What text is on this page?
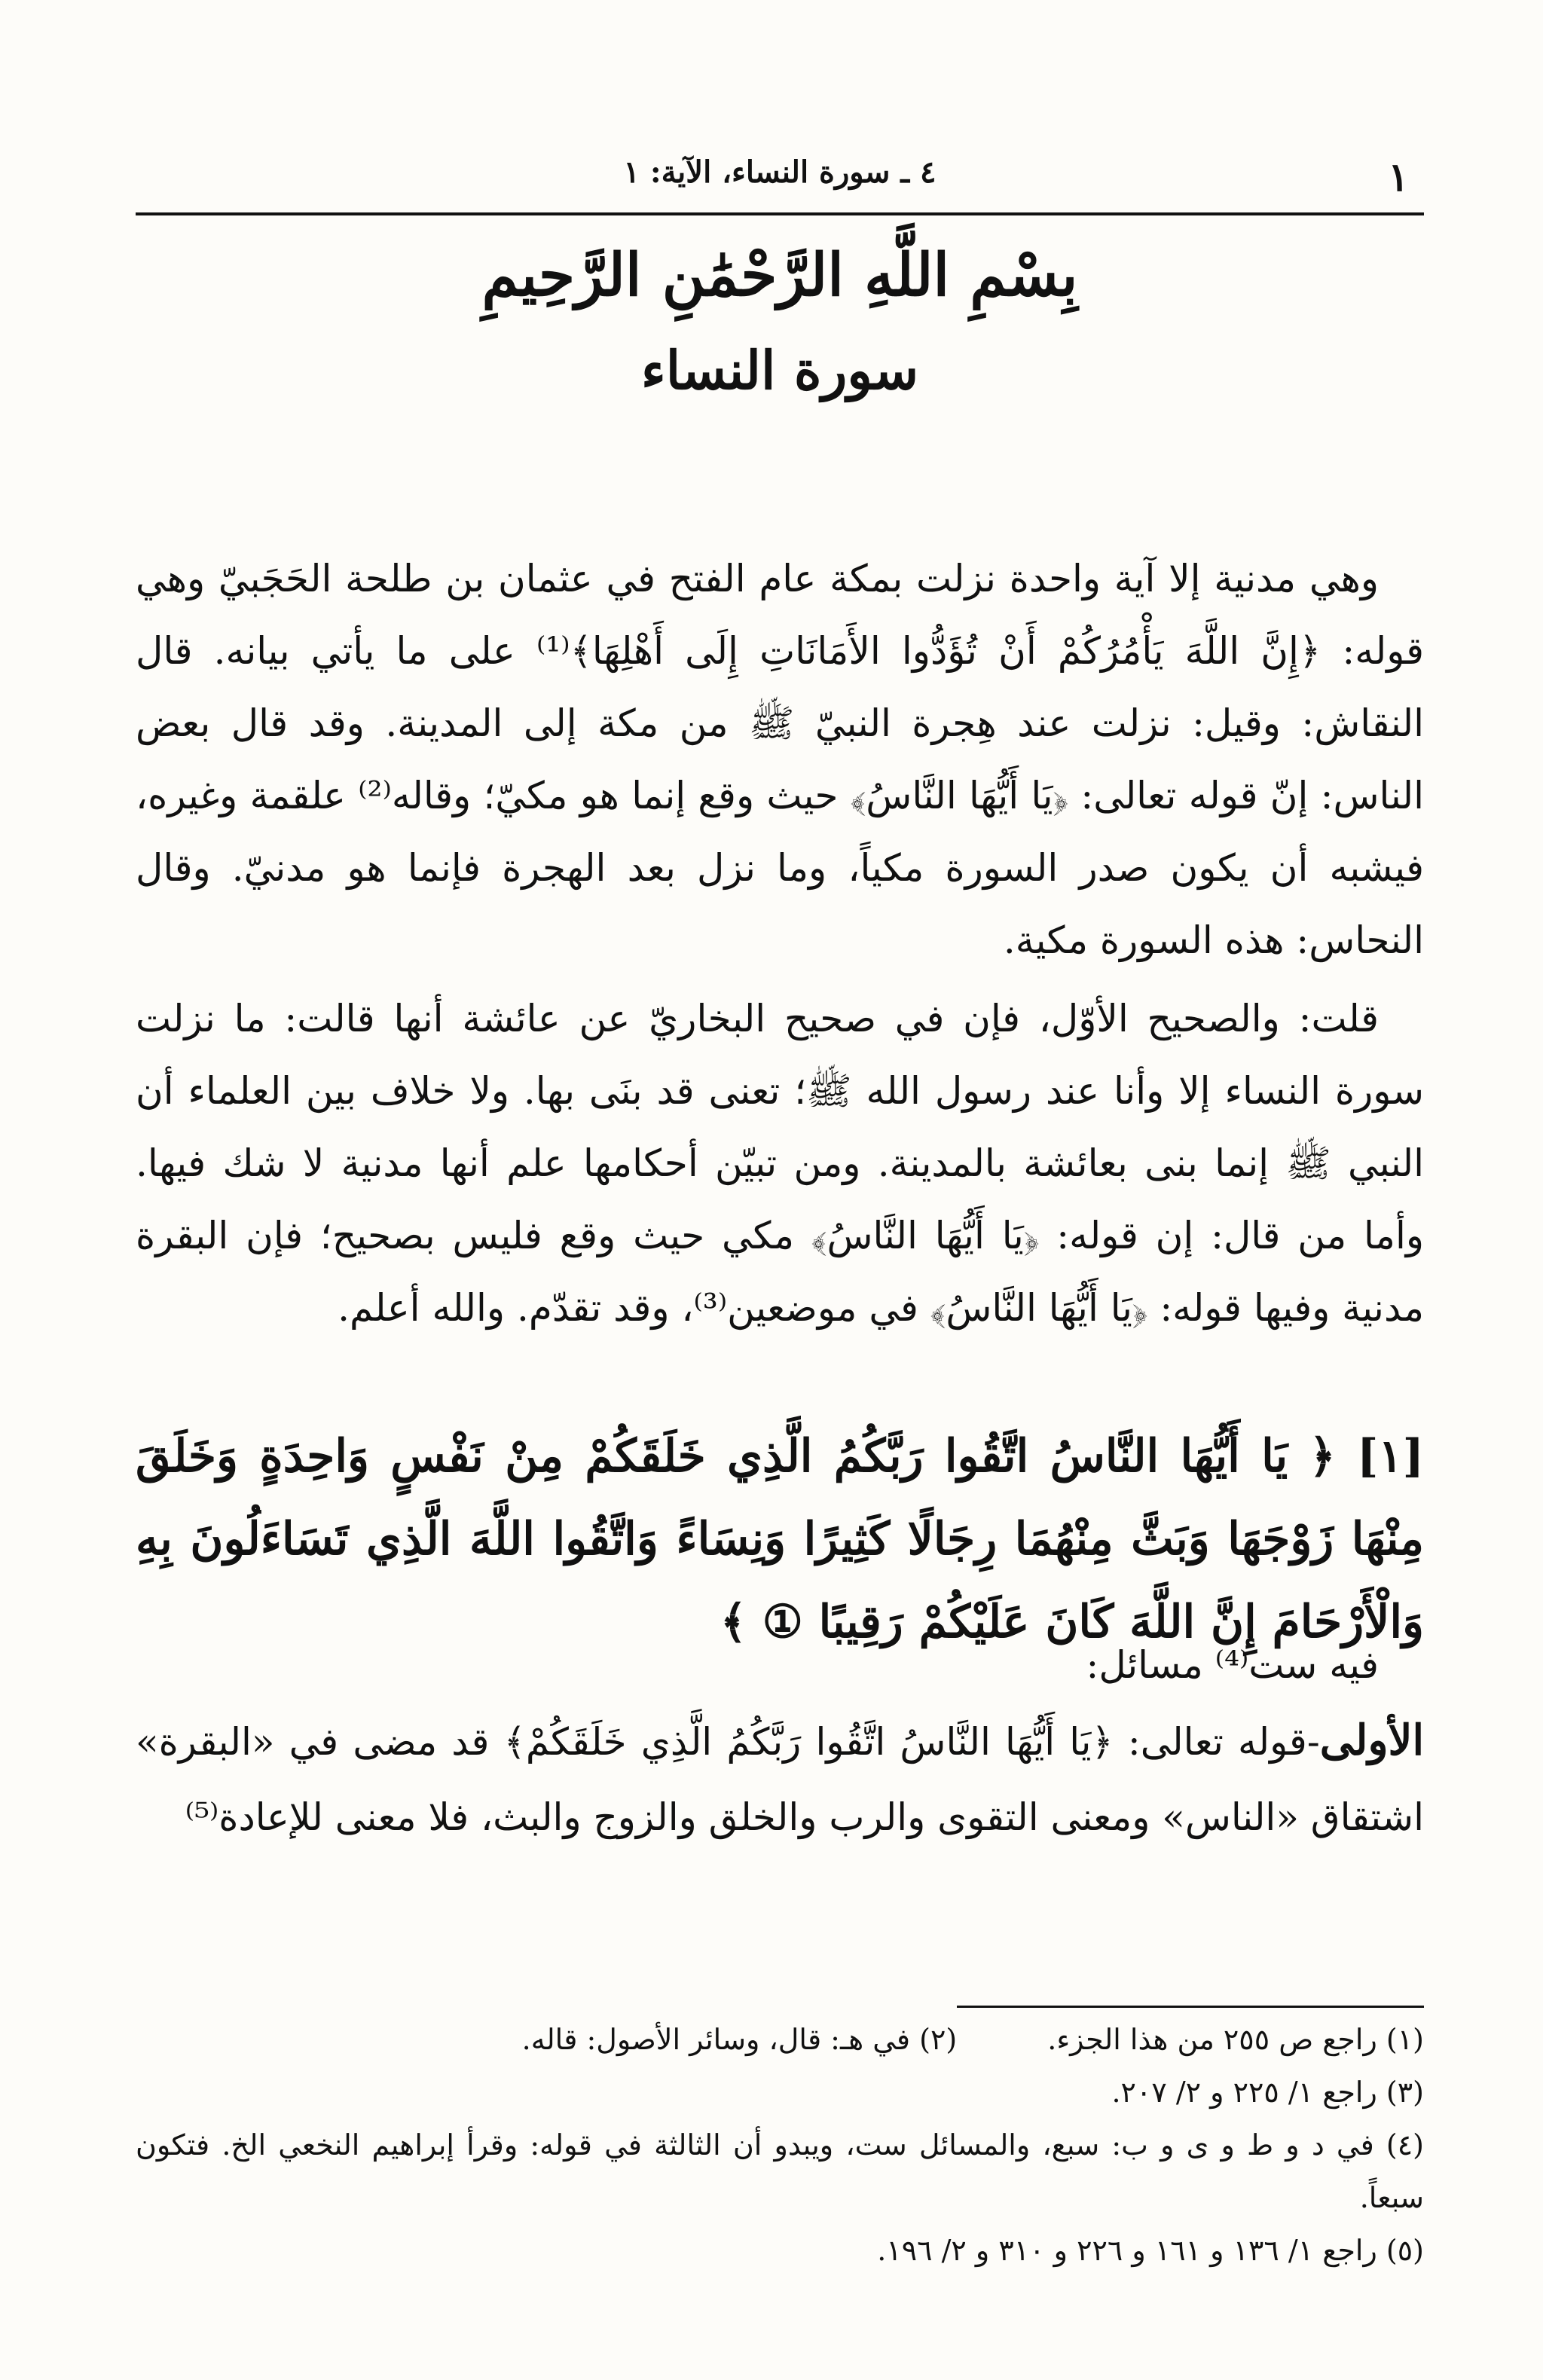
١
٤ ـ سورة النساء، الآية: ١
بِسْمِ اللَّهِ الرَّحْمَٰنِ الرَّحِيمِ
سورة النساء

وهي مدنية إلا آية واحدة نزلت بمكة عام الفتح في عثمان بن طلحة الحَجَبيّ وهي قوله: ﴿إِنَّ اللَّهَ يَأْمُرُكُمْ أَنْ تُؤَدُّوا الأَمَانَاتِ إِلَى أَهْلِهَا﴾⁽¹⁾ على ما يأتي بيانه. قال النقاش: وقيل: نزلت عند هِجرة النبيّ ﷺ من مكة إلى المدينة. وقد قال بعض الناس: إنّ قوله تعالى: ﴿يَا أَيُّهَا النَّاسُ﴾ حيث وقع إنما هو مكيّ؛ وقاله⁽²⁾ علقمة وغيره، فيشبه أن يكون صدر السورة مكياً، وما نزل بعد الهجرة فإنما هو مدنيّ. وقال النحاس: هذه السورة مكية.

قلت: والصحيح الأوّل، فإن في صحيح البخاريّ عن عائشة أنها قالت: ما نزلت سورة النساء إلا وأنا عند رسول الله ﷺ؛ تعنى قد بنَى بها. ولا خلاف بين العلماء أن النبي ﷺ إنما بنى بعائشة بالمدينة. ومن تبيّن أحكامها علم أنها مدنية لا شك فيها. وأما من قال: إن قوله: ﴿يَا أَيُّهَا النَّاسُ﴾ مكي حيث وقع فليس بصحيح؛ فإن البقرة مدنية وفيها قوله: ﴿يَا أَيُّهَا النَّاسُ﴾ في موضعين⁽³⁾، وقد تقدّم. والله أعلم.

[١] ﴿ يَا أَيُّهَا النَّاسُ اتَّقُوا رَبَّكُمُ الَّذِي خَلَقَكُمْ مِنْ نَفْسٍ وَاحِدَةٍ وَخَلَقَ مِنْهَا زَوْجَهَا وَبَثَّ مِنْهُمَا رِجَالًا كَثِيرًا وَنِسَاءً وَاتَّقُوا اللَّهَ الَّذِي تَسَاءَلُونَ بِهِ وَالْأَرْحَامَ إِنَّ اللَّهَ كَانَ عَلَيْكُمْ رَقِيبًا ① ﴾

فيه ست⁽⁴⁾ مسائل:

الأولى-قوله تعالى: ﴿يَا أَيُّهَا النَّاسُ اتَّقُوا رَبَّكُمُ الَّذِي خَلَقَكُمْ﴾ قد مضى في «البقرة» اشتقاق «الناس» ومعنى التقوى والرب والخلق والزوج والبث، فلا معنى للإعادة⁽⁵⁾

(١) راجع ص ٢٥٥ من هذا الجزء.
(٢) في هـ: قال، وسائر الأصول: قاله.

(٣) راجع ١/ ٢٢٥ و ٢/ ٢٠٧.

(٤) في د و ط و ى و ب: سبع، والمسائل ست، ويبدو أن الثالثة في قوله: وقرأ إبراهيم النخعي الخ. فتكون سبعاً.

(٥) راجع ١/ ١٣٦ و ١٦١ و ٢٢٦ و ٣١٠ و ٢/ ١٩٦.
